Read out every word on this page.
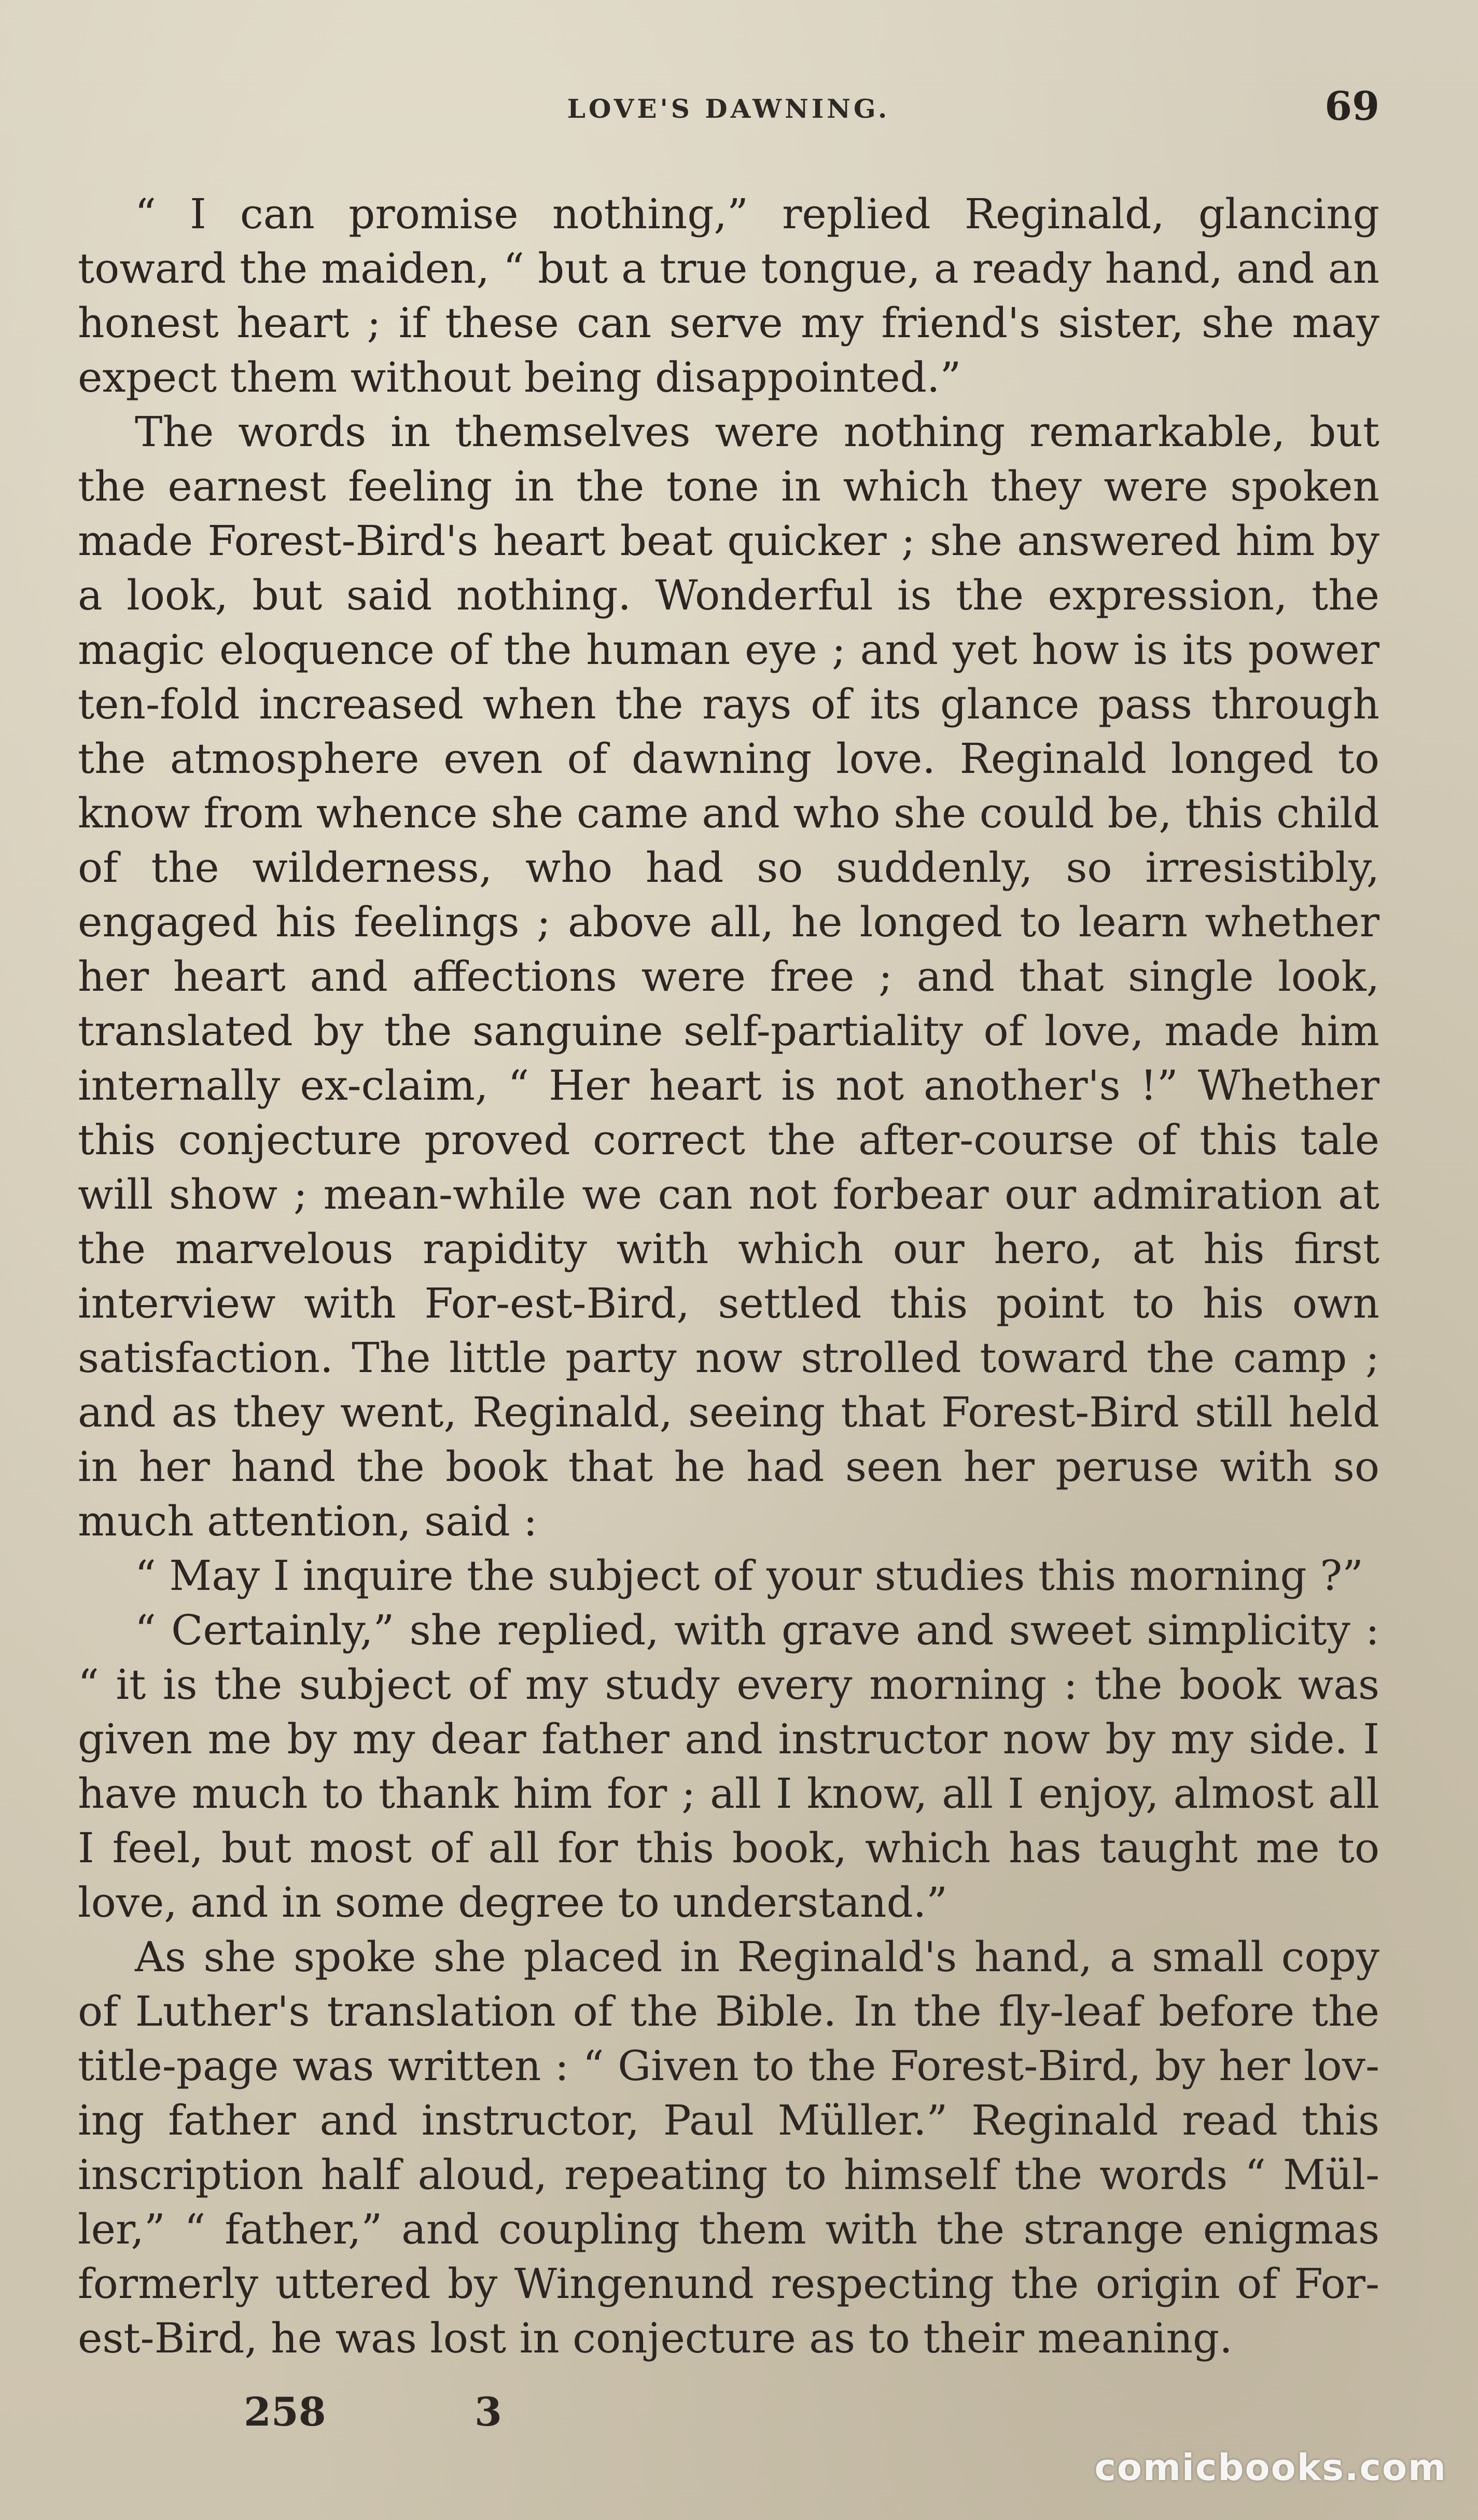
LOVE'S DAWNING.	69

“ I can promise nothing,” replied Reginald, glancing toward the maiden, “ but a true tongue, a ready hand, and an honest heart ; if these can serve my friend's sister, she may expect them without being disappointed.”

The words in themselves were nothing remarkable, but the earnest feeling in the tone in which they were spoken made Forest-Bird's heart beat quicker ; she answered him by a look, but said nothing. Wonderful is the expression, the magic eloquence of the human eye ; and yet how is its power ten-fold increased when the rays of its glance pass through the atmosphere even of dawning love. Reginald longed to know from whence she came and who she could be, this child of the wilderness, who had so suddenly, so irresistibly, engaged his feelings ; above all, he longed to learn whether her heart and affections were free ; and that single look, translated by the sanguine self-partiality of love, made him internally ex-claim, “ Her heart is not another's !” Whether this conjecture proved correct the after-course of this tale will show ; mean-while we can not forbear our admiration at the marvelous rapidity with which our hero, at his first interview with For-est-Bird, settled this point to his own satisfaction. The little party now strolled toward the camp ; and as they went, Reginald, seeing that Forest-Bird still held in her hand the book that he had seen her peruse with so much attention, said :

“ May I inquire the subject of your studies this morning ?”

“ Certainly,” she replied, with grave and sweet simplicity : “ it is the subject of my study every morning : the book was given me by my dear father and instructor now by my side. I have much to thank him for ; all I know, all I enjoy, almost all I feel, but most of all for this book, which has taught me to love, and in some degree to understand.”

As she spoke she placed in Reginald's hand, a small copy of Luther's translation of the Bible. In the fly-leaf before the title-page was written : “ Given to the Forest-Bird, by her lov-ing father and instructor, Paul Müller.” Reginald read this inscription half aloud, repeating to himself the words “ Mül-ler,” “ father,” and coupling them with the strange enigmas formerly uttered by Wingenund respecting the origin of For-est-Bird, he was lost in conjecture as to their meaning.

258	3
comicbooks.com
